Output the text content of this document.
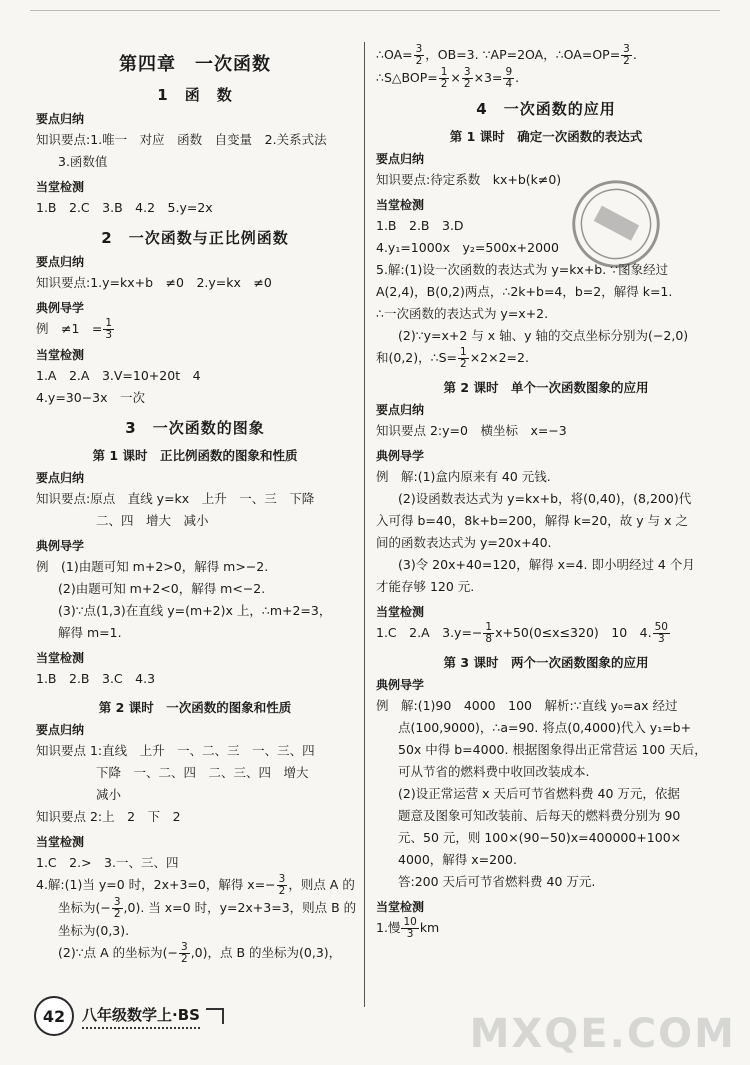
第四章　一次函数
1　函　数
要点归纳

知识要点:1.唯一　对应　函数　自变量　2.关系式法

3.函数值

当堂检测

1.B　2.C　3.B　4.2　5.y=2x

2　一次函数与正比例函数
要点归纳

知识要点:1.y=kx+b　≠0　2.y=kx　≠0

典例导学

例　≠1　= $\frac{1}{3}$

当堂检测

1.A　2.A　3.V=10+20t　4

4.y=30−3x　一次

3　一次函数的图象
第 1 课时　正比例函数的图象和性质
要点归纳

知识要点:原点　直线 y=kx　上升　一、三　下降

二、四　增大　减小

典例导学

例　(1)由题可知 m+2>0，解得 m>−2.

(2)由题可知 m+2<0，解得 m<−2.

(3)∵点(1,3)在直线 y=(m+2)x 上，∴m+2=3，

解得 m=1.

当堂检测

1.B　2.B　3.C　4.3

第 2 课时　一次函数的图象和性质
要点归纳

知识要点 1:直线　上升　一、二、三　一、三、四

下降　一、二、四　二、三、四　增大

减小

知识要点 2:上　2　下　2

当堂检测

1.C　2.>　3.一、三、四

4.解:(1)当 y=0 时，2x+3=0，解得 $x=- \frac{3}{2}$ ，则点 A 的

坐标为(− $\frac{3}{2} ,0$). 当 x=0 时，y=2x+3=3，则点 B 的

坐标为(0,3).

(2)∵点 A 的坐标为(− $\frac{3}{2} ,0$)，点 B 的坐标为(0,3)，

∴OA= $\frac{3}{2}$ ，OB=3. ∵AP=2OA，∴OA=OP= $\frac{3}{2}$ .

∴S△BOP= $\frac{1}{2} \times \frac{3}{2} \times 3= \frac{9}{4}$ .

4　一次函数的应用
第 1 课时　确定一次函数的表达式
要点归纳

知识要点:待定系数　kx+b(k≠0)

当堂检测

1.B　2.B　3.D

4.y₁=1000x　y₂=500x+2000

5.解:(1)设一次函数的表达式为 y=kx+b. ∵图象经过

A(2,4)，B(0,2)两点，∴2k+b=4，b=2，解得 k=1.

∴一次函数的表达式为 y=x+2.

(2)∵y=x+2 与 x 轴、y 轴的交点坐标分别为(−2,0)

和(0,2)，∴S= $\frac{1}{2} \times 2\times 2=2$.

第 2 课时　单个一次函数图象的应用
要点归纳

知识要点 2:y=0　横坐标　x=−3

典例导学

例　解:(1)盒内原来有 40 元钱.

(2)设函数表达式为 y=kx+b，将(0,40)，(8,200)代

入可得 b=40，8k+b=200，解得 k=20，故 y 与 x 之

间的函数表达式为 y=20x+40.

(3)令 20x+40=120，解得 x=4. 即小明经过 4 个月

才能存够 120 元.

当堂检测

1.C　2.A　$3.y=- \frac{1}{8} x+50(0\le x\le 320)$　10　4. $\frac{50}{3}$

第 3 课时　两个一次函数图象的应用
典例导学

例　解:(1)90　4000　100　解析:∵直线 y₀=ax 经过

点(100,9000)，∴a=90. 将点(0,4000)代入 y₁=b+

50x 中得 b=4000. 根据图象得出正常营运 100 天后，

可从节省的燃料费中收回改装成本.

(2)设正常运营 x 天后可节省燃料费 40 万元，依据

题意及图象可知改装前、后每天的燃料费分别为 90

元、50 元，则 100×(90−50)x=400000+100×

4000，解得 x=200.

答:200 天后可节省燃料费 40 万元.

当堂检测

1.慢 $\frac{10}{3}$ km

42	八年级数学上·BS	MXQE.COM
